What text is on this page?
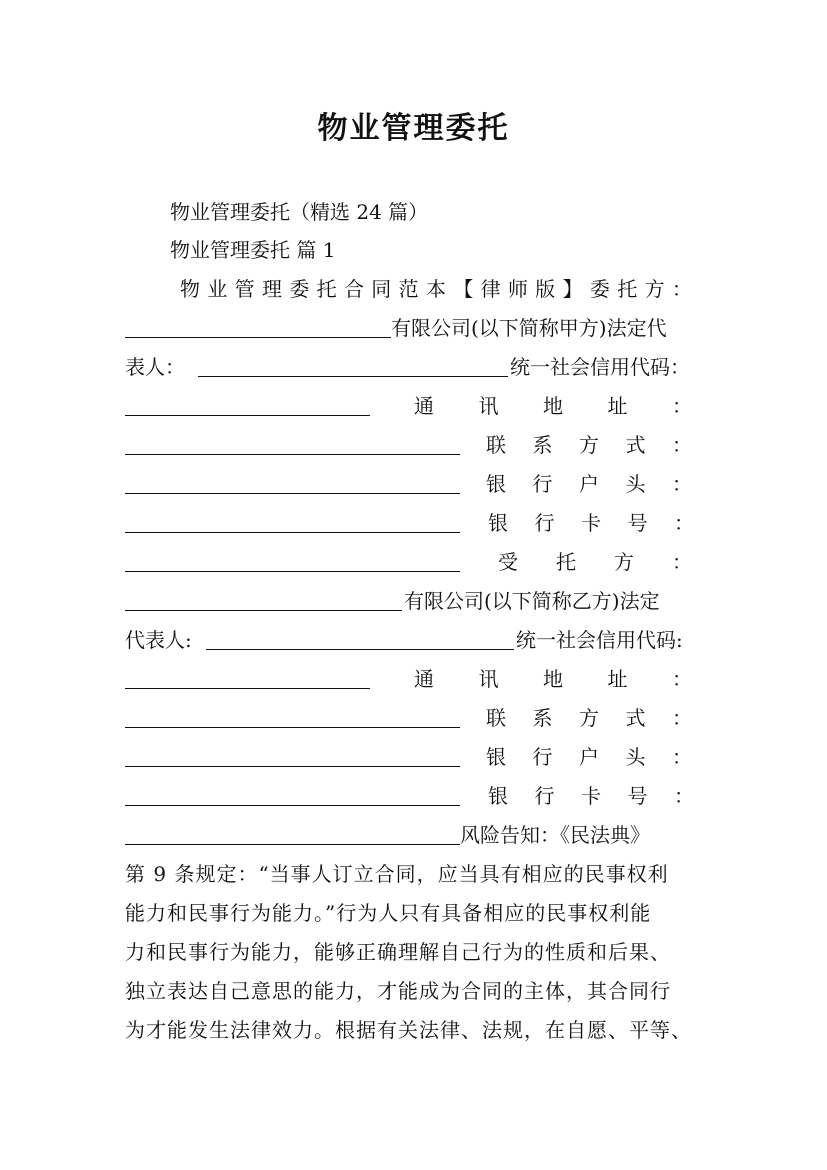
物业管理委托
物业管理委托（精选 24 篇）
物业管理委托 篇 1
物 业 管 理 委 托 合 同 范 本 【 律 师 版 】 委 托 方 ：
有限公司(以下简称甲方)法定代
表人：	统一社会信用代码：
通 讯 地 址 ：
联 系 方 式 ：
银 行 户 头 ：
银 行 卡 号 ：
受 托 方 ：
有限公司(以下简称乙方)法定
代表人:	统一社会信用代码:
通 讯 地 址 ：
联 系 方 式 ：
银 行 户 头 ：
银 行 卡 号 ：
风险告知：《民法典》
第 9 条规定：“当事人订立合同，应当具有相应的民事权利
能力和民事行为能力。”行为人只有具备相应的民事权利能
力和民事行为能力，能够正确理解自己行为的性质和后果、
独立表达自己意思的能力，才能成为合同的主体，其合同行
为才能发生法律效力。根据有关法律、法规，在自愿、平等、
